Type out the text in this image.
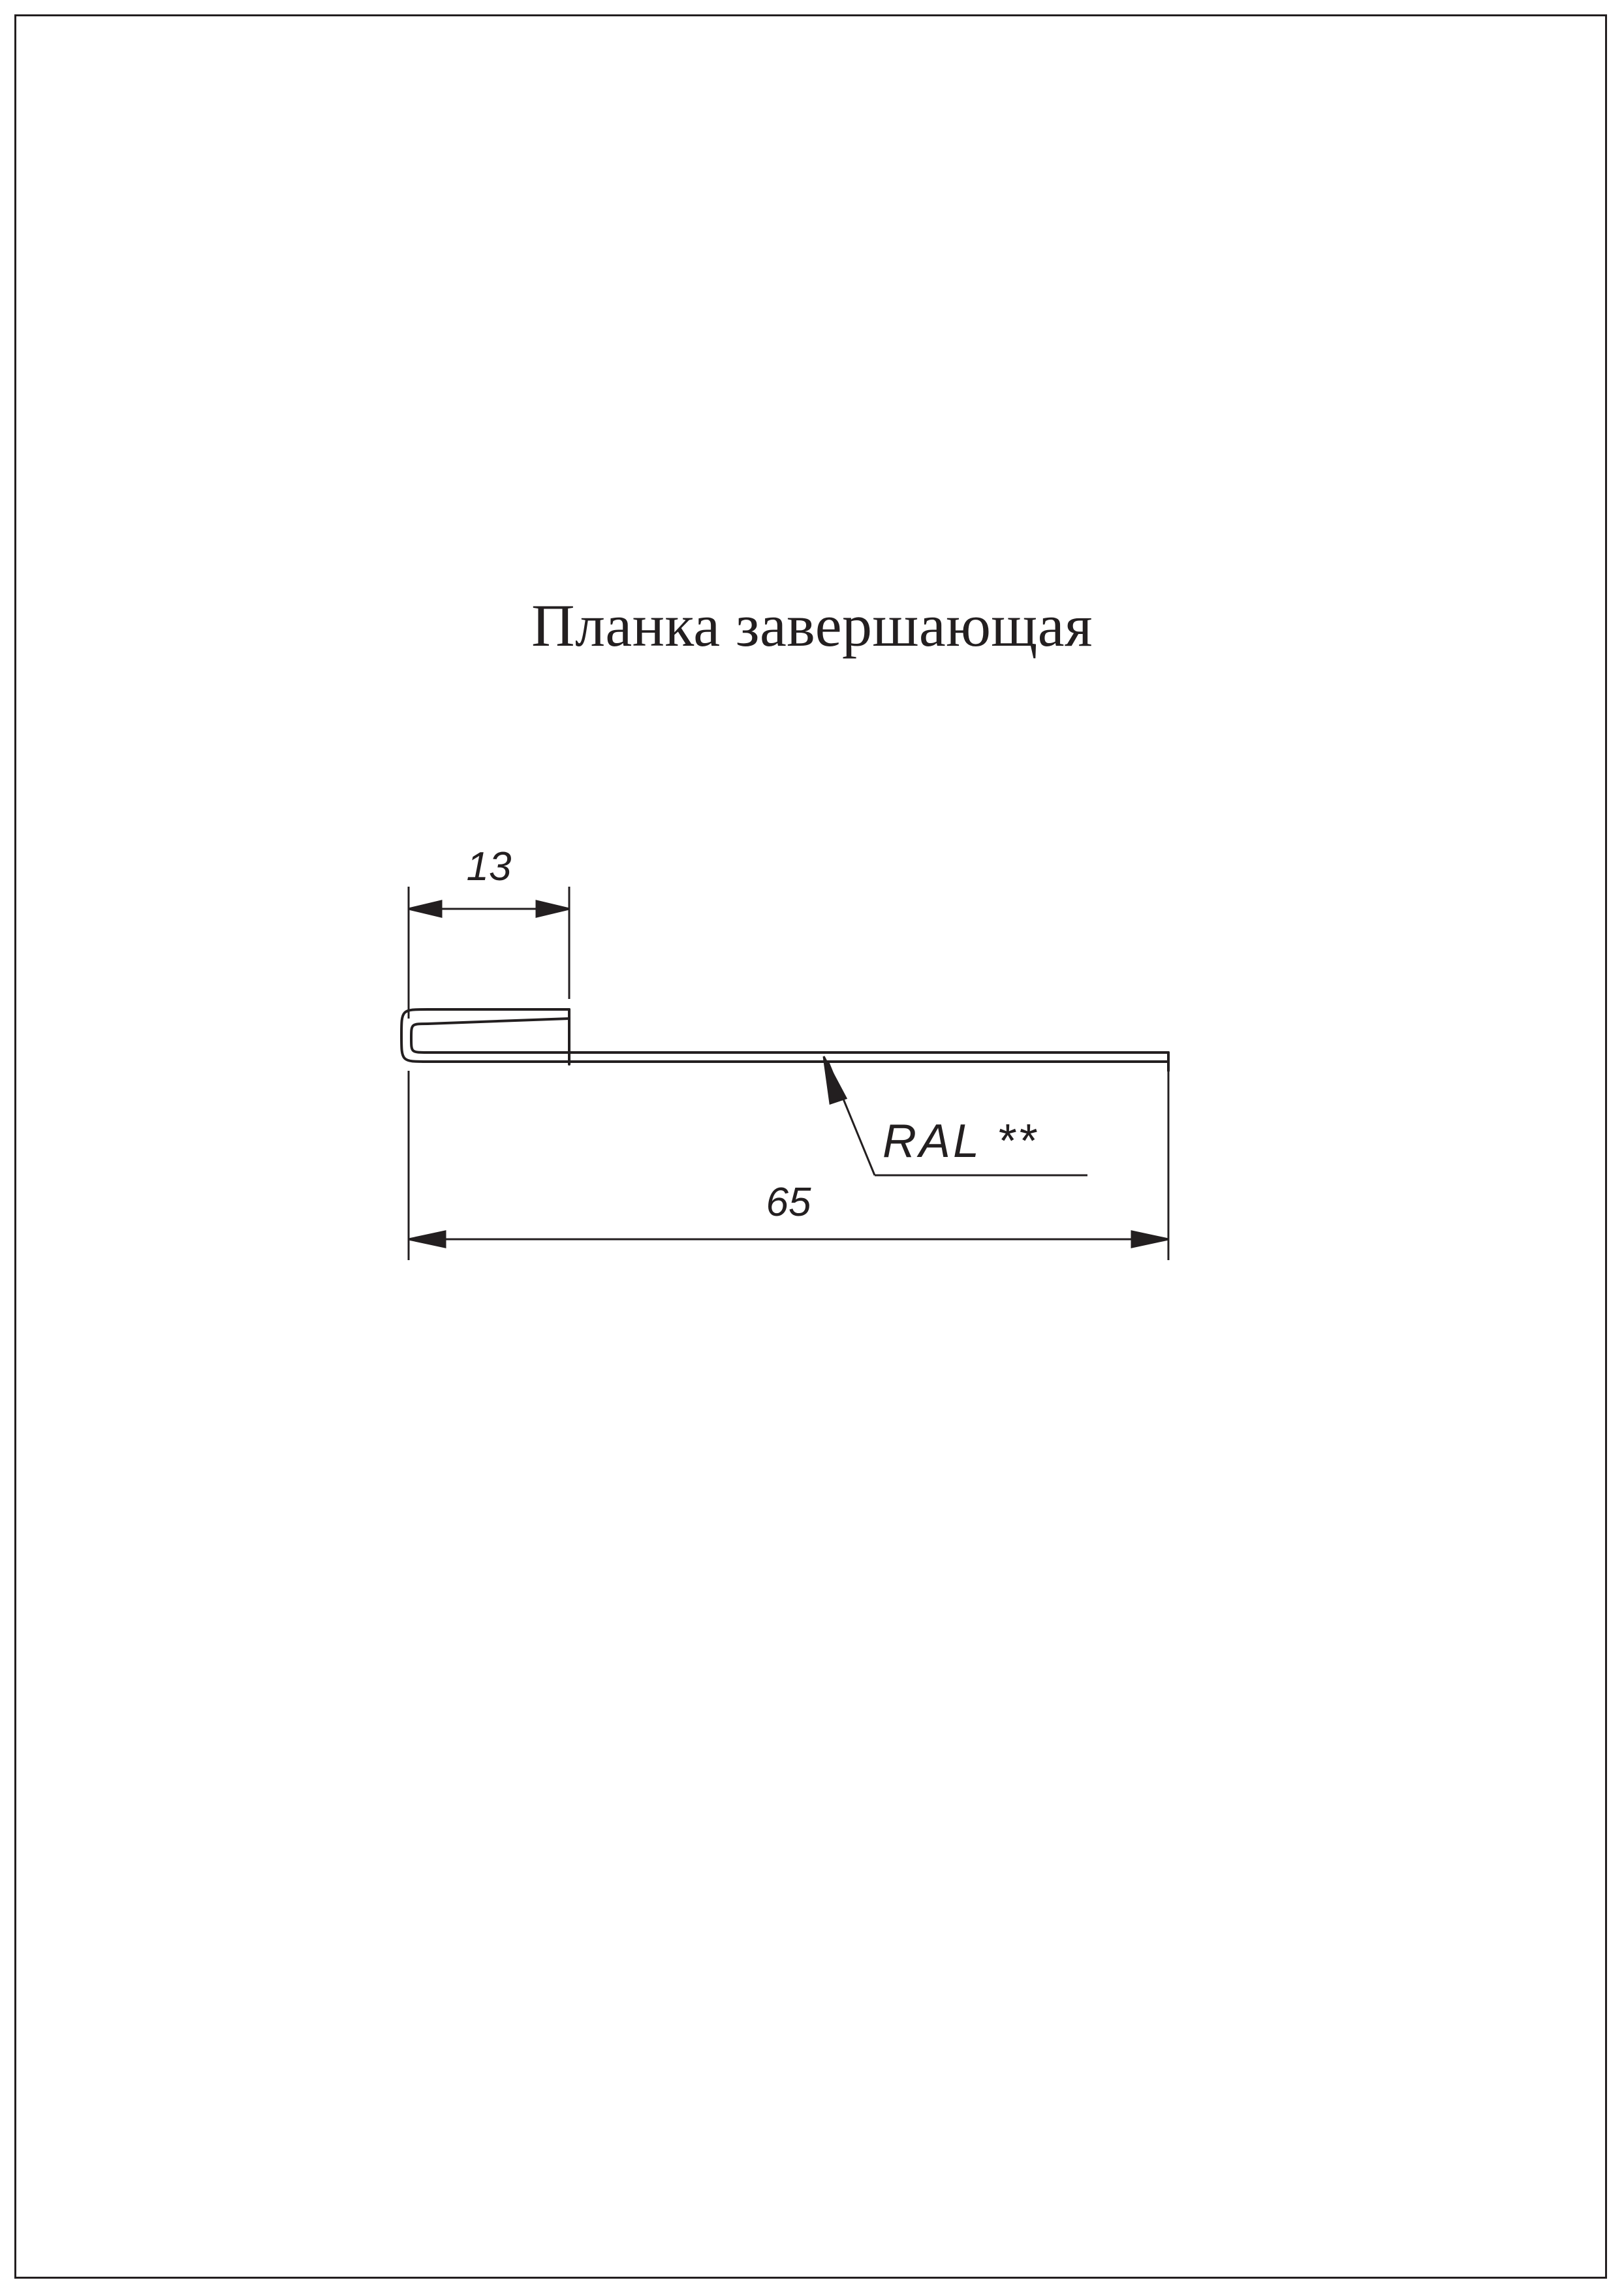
Планка завершающая
13
65
RAL **
